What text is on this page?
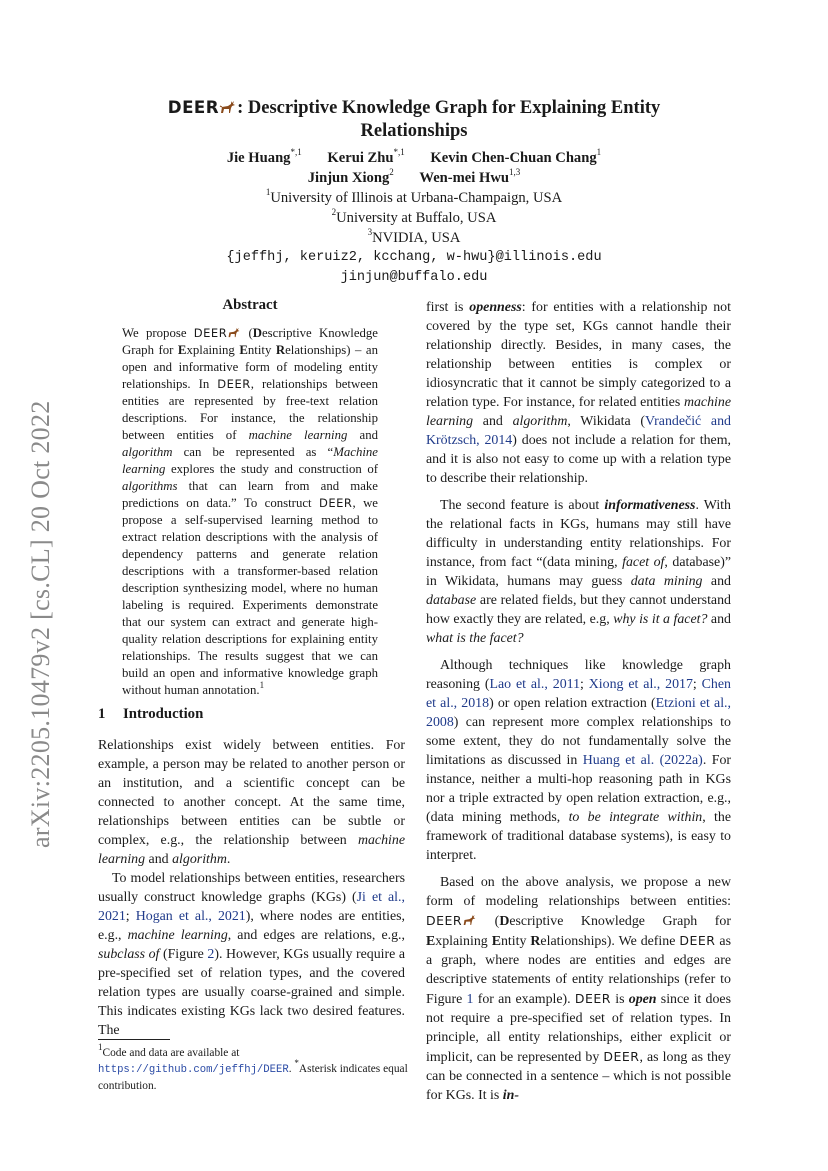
arXiv:2205.10479v2 [cs.CL] 20 Oct 2022
DEER : Descriptive Knowledge Graph for Explaining Entity
Relationships
Jie Huang$^{*,1}$ Kerui Zhu$^{*,1}$ Kevin Chen-Chuan Chang$^1$
Jinjun Xiong$^2$ Wen-mei Hwu$^{1,3}$
$^1$University of Illinois at Urbana-Champaign, USA
$^2$University at Buffalo, USA
$^3$NVIDIA, USA
{jeffhj, keruiz2, kcchang, w-hwu}@illinois.edu
jinjun@buffalo.edu
Abstract
We propose DEER (Descriptive Knowledge Graph for Explaining Entity Relationships) – an open and informative form of modeling entity relationships. In DEER, relationships between entities are represented by free-text relation descriptions. For instance, the relationship between entities of machine learning and algorithm can be represented as “Machine learning explores the study and construction of algorithms that can learn from and make predictions on data.” To construct DEER, we propose a self-supervised learning method to extract relation descriptions with the analysis of dependency patterns and generate relation descriptions with a transformer-based relation description synthesizing model, where no human labeling is required. Experiments demonstrate that our system can extract and generate high-quality relation descriptions for explaining entity relationships. The results suggest that we can build an open and informative knowledge graph without human annotation.$^1$
1 Introduction

Relationships exist widely between entities. For example, a person may be related to another person or an institution, and a scientific concept can be connected to another concept. At the same time, relationships between entities can be subtle or complex, e.g., the relationship between machine learning and algorithm.

To model relationships between entities, researchers usually construct knowledge graphs (KGs) (Ji et al., 2021; Hogan et al., 2021), where nodes are entities, e.g., machine learning, and edges are relations, e.g., subclass of (Figure 2). However, KGs usually require a pre-specified set of relation types, and the covered relation types are usually coarse-grained and simple. This indicates existing KGs lack two desired features. The

$^1$Code and data are available at https://github.com/jeffhj/DEER. *Asterisk indicates equal contribution.

first is openness: for entities with a relationship not covered by the type set, KGs cannot handle their relationship directly. Besides, in many cases, the relationship between entities is complex or idiosyncratic that it cannot be simply categorized to a relation type. For instance, for related entities machine learning and algorithm, Wikidata (Vrandečić and Krötzsch, 2014) does not include a relation for them, and it is also not easy to come up with a relation type to describe their relationship.

The second feature is about informativeness. With the relational facts in KGs, humans may still have difficulty in understanding entity relationships. For instance, from fact “(data mining, facet of, database)” in Wikidata, humans may guess data mining and database are related fields, but they cannot understand how exactly they are related, e.g, why is it a facet? and what is the facet?

Although techniques like knowledge graph reasoning (Lao et al., 2011; Xiong et al., 2017; Chen et al., 2018) or open relation extraction (Etzioni et al., 2008) can represent more complex relationships to some extent, they do not fundamentally solve the limitations as discussed in Huang et al. (2022a). For instance, neither a multi-hop reasoning path in KGs nor a triple extracted by open relation extraction, e.g., (data mining methods, to be integrate within, the framework of traditional database systems), is easy to interpret.

Based on the above analysis, we propose a new form of modeling relationships between entities: DEER (Descriptive Knowledge Graph for Explaining Entity Relationships). We define DEER as a graph, where nodes are entities and edges are descriptive statements of entity relationships (refer to Figure 1 for an example). DEER is open since it does not require a pre-specified set of relation types. In principle, all entity relationships, either explicit or implicit, can be represented by DEER, as long as they can be connected in a sentence – which is not possible for KGs. It is in-
